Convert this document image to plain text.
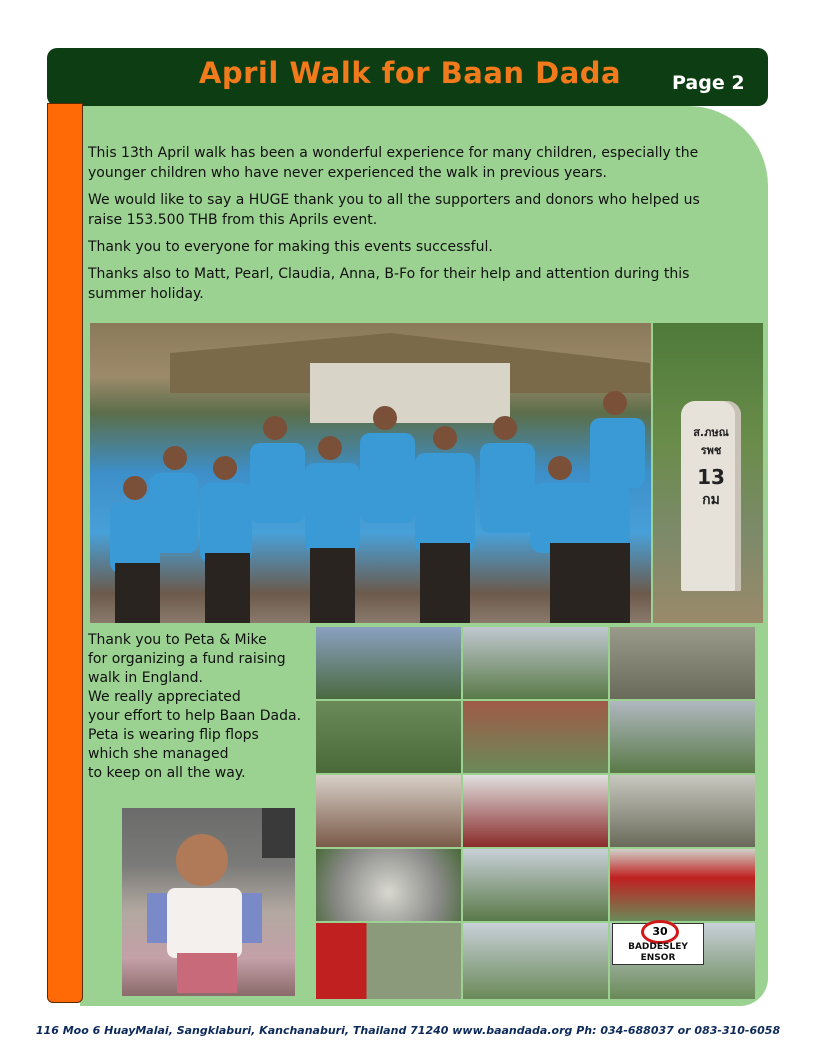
April Walk for Baan Dada	Page 2

This 13th April walk has been a wonderful experience for many children, especially the younger children who have never experienced the walk in previous years.

We would like to say a HUGE thank you to all the supporters and donors who helped us raise 153.500 THB from this Aprils event.

Thank you to everyone for making this events successful.

Thanks also to Matt, Pearl, Claudia, Anna, B-Fo for their help and attention during this summer holiday.

ส.ภษณ รพช
13
กม
Thank you to Peta & Mike
for organizing a fund raising
walk in England.
We really appreciated
your effort to help Baan Dada.
Peta is wearing flip flops
which she managed
to keep on all the way.
30
BADDESLEY
ENSOR
116 Moo 6 HuayMalai, Sangklaburi, Kanchanaburi, Thailand 71240 www.baandada.org Ph: 034-688037 or 083-310-6058
